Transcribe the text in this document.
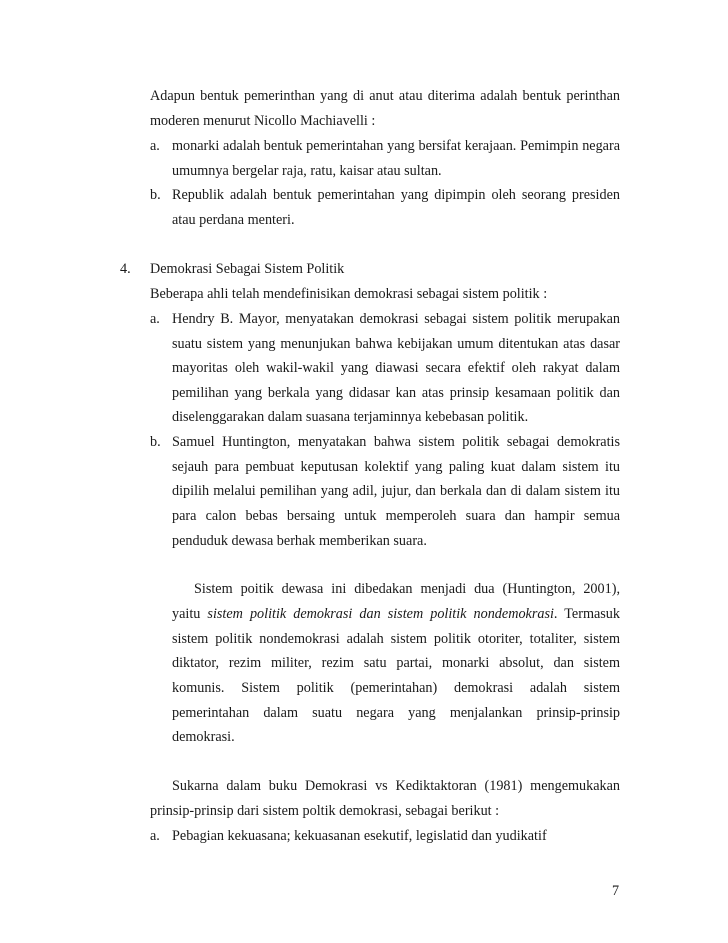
Adapun bentuk pemerinthan yang di anut atau diterima adalah bentuk perinthan
moderen menurut Nicollo Machiavelli :
a. monarki adalah bentuk pemerintahan yang bersifat kerajaan. Pemimpin negara
umumnya bergelar raja, ratu, kaisar atau sultan.
b. Republik adalah bentuk pemerintahan yang dipimpin oleh seorang presiden
atau perdana menteri.
4. Demokrasi Sebagai Sistem Politik
Beberapa ahli telah mendefinisikan demokrasi sebagai sistem politik :
a. Hendry B. Mayor, menyatakan demokrasi sebagai sistem politik merupakan
suatu sistem yang menunjukan bahwa kebijakan umum ditentukan atas dasar
mayoritas oleh wakil-wakil yang diawasi secara efektif oleh rakyat dalam
pemilihan yang berkala yang didasar kan atas prinsip kesamaan politik dan
diselenggarakan dalam suasana terjaminnya kebebasan politik.
b. Samuel Huntington, menyatakan bahwa sistem politik sebagai demokratis
sejauh para pembuat keputusan kolektif yang paling kuat dalam sistem itu
dipilih melalui pemilihan yang adil, jujur, dan berkala dan di dalam sistem itu
para calon bebas bersaing untuk memperoleh suara dan hampir semua
penduduk dewasa berhak memberikan suara.
Sistem poitik dewasa ini dibedakan menjadi dua (Huntington, 2001),
yaitu sistem politik demokrasi dan sistem politik nondemokrasi. Termasuk
sistem politik nondemokrasi adalah sistem politik otoriter, totaliter, sistem
diktator, rezim militer, rezim satu partai, monarki absolut, dan sistem
komunis. Sistem politik (pemerintahan) demokrasi adalah sistem
pemerintahan dalam suatu negara yang menjalankan prinsip-prinsip
demokrasi.
Sukarna dalam buku Demokrasi vs Kediktaktoran (1981) mengemukakan
prinsip-prinsip dari sistem poltik demokrasi, sebagai berikut :
a. Pebagian kekuasana; kekuasanan esekutif, legislatid dan yudikatif
7
